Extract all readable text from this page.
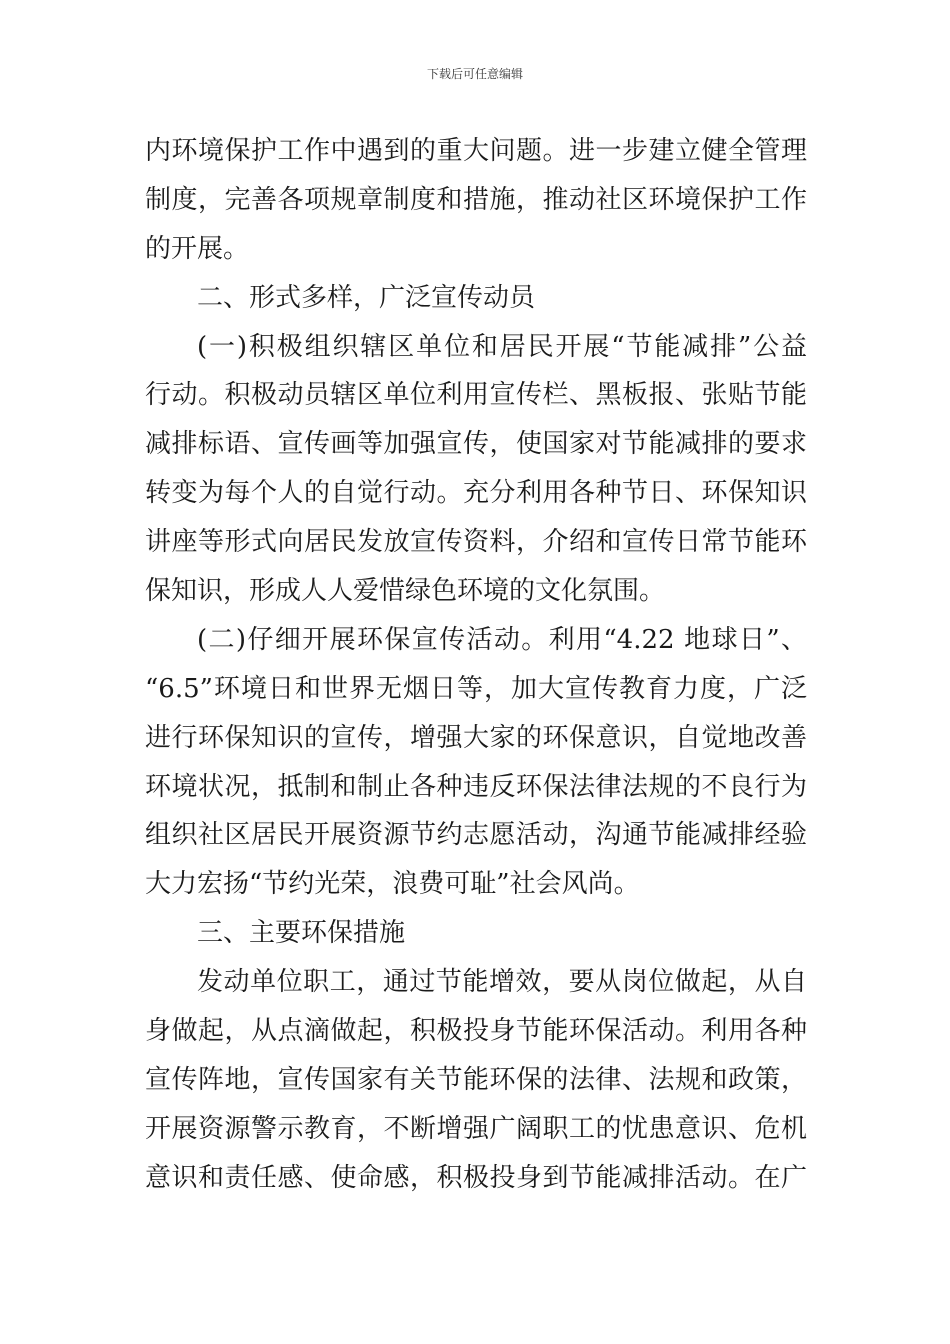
下载后可任意编辑
内环境保护工作中遇到的重大问题。进一步建立健全管理
制度，完善各项规章制度和措施，推动社区环境保护工作
的开展。
二、形式多样，广泛宣传动员
(一)积极组织辖区单位和居民开展“节能减排”公益
行动。积极动员辖区单位利用宣传栏、黑板报、张贴节能
减排标语、宣传画等加强宣传，使国家对节能减排的要求
转变为每个人的自觉行动。充分利用各种节日、环保知识
讲座等形式向居民发放宣传资料，介绍和宣传日常节能环
保知识，形成人人爱惜绿色环境的文化氛围。
(二)仔细开展环保宣传活动。利用“4.22 地球日”、
“6.5”环境日和世界无烟日等，加大宣传教育力度，广泛
进行环保知识的宣传，增强大家的环保意识，自觉地改善
环境状况，抵制和制止各种违反环保法律法规的不良行为
组织社区居民开展资源节约志愿活动，沟通节能减排经验
大力宏扬“节约光荣，浪费可耻”社会风尚。
三、主要环保措施
发动单位职工，通过节能增效，要从岗位做起，从自
身做起，从点滴做起，积极投身节能环保活动。利用各种
宣传阵地，宣传国家有关节能环保的法律、法规和政策，
开展资源警示教育，不断增强广阔职工的忧患意识、危机
意识和责任感、使命感，积极投身到节能减排活动。在广
